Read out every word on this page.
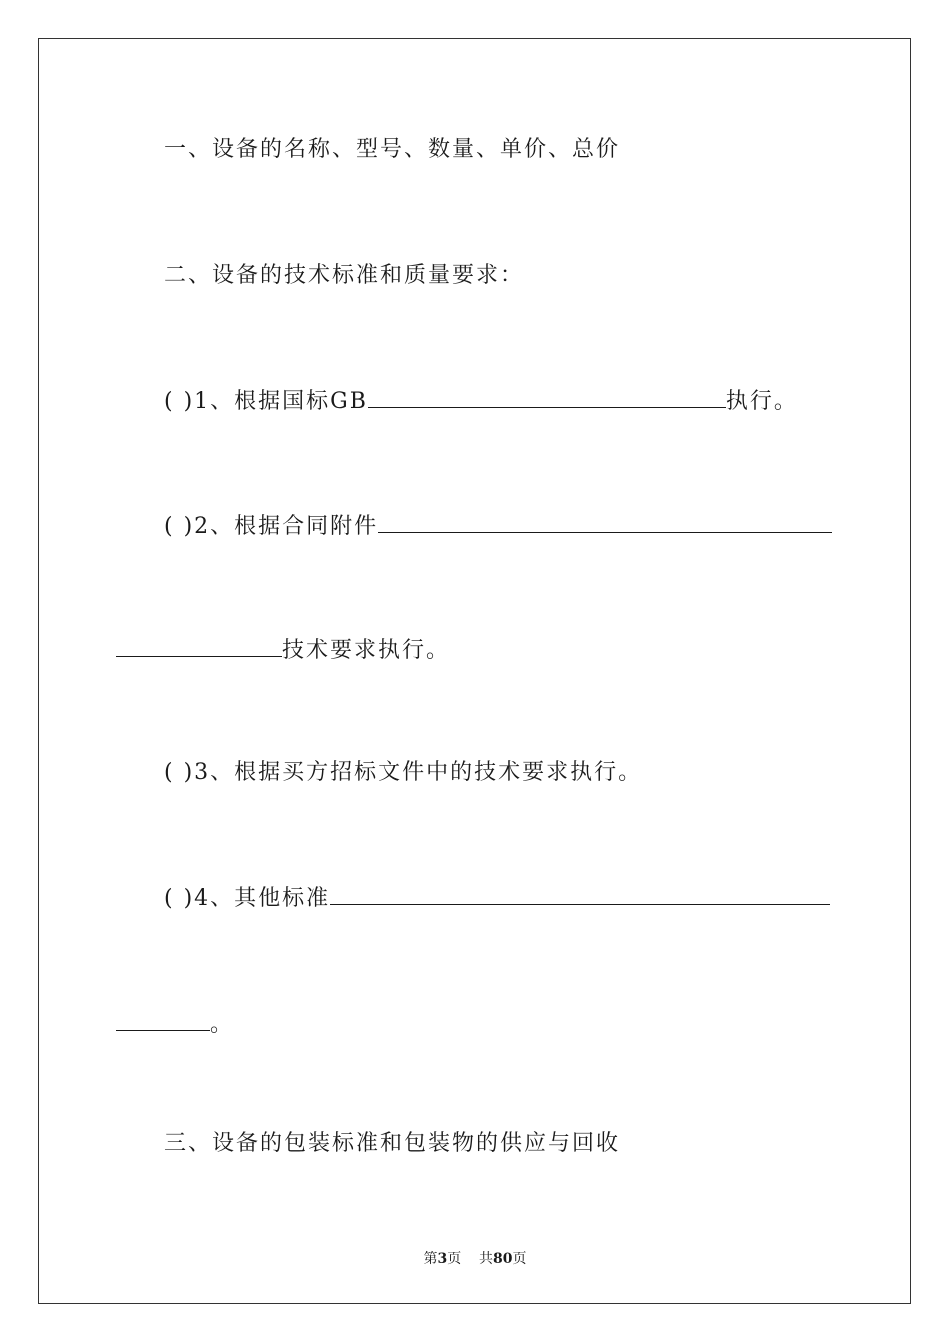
一、设备的名称、型号、数量、单价、总价
二、设备的技术标准和质量要求：
( )1、根据国标GB	执行。
( )2、根据合同附件
技术要求执行。
( )3、根据买方招标文件中的技术要求执行。
( )4、其他标准
。
三、设备的包装标准和包装物的供应与回收
第3页 共80页
